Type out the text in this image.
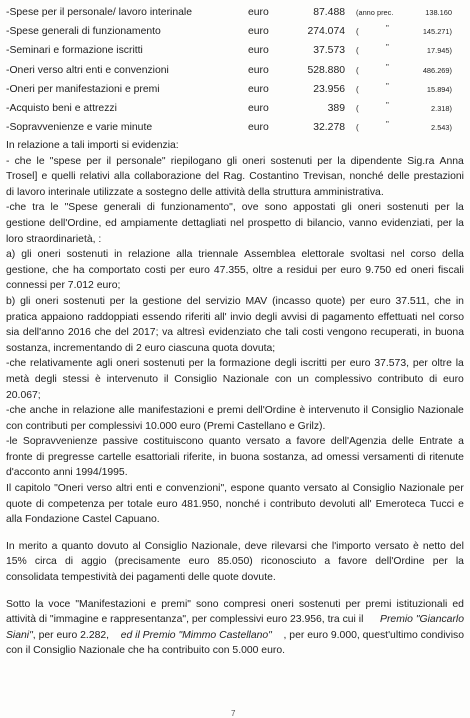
-Spese per il personale/ lavoro interinale	euro	87.488 (anno prec.	138.160
-Spese generali di funzionamento	euro	274.074 (	"	145.271)
-Seminari e formazione iscritti	euro	37.573 (	"	17.945)
-Oneri verso altri enti e convenzioni	euro	528.880 (	"	486.269)
-Oneri per manifestazioni e premi	euro	23.956 (	"	15.894)
-Acquisto beni e attrezzi	euro	389 (	"	2.318)
-Sopravvenienze e varie minute	euro	32.278 (	"	2.543)
In relazione a tali importi si evidenzia:
- che le "spese per il personale" riepilogano gli oneri sostenuti per la dipendente Sig.ra Anna
Trosel] e quelli relativi alla collaborazione del Rag. Costantino Trevisan, nonché delle prestazioni
di lavoro interinale utilizzate a sostegno delle attività della struttura amministrativa.
-che tra le "Spese generali di funzionamento", ove sono appostati gli oneri sostenuti per la
gestione dell'Ordine, ed ampiamente dettagliati nel prospetto di bilancio, vanno evidenziati, per la
loro straordinarietà, :
a) gli oneri sostenuti in relazione alla triennale Assemblea elettorale svoltasi nel corso della
gestione, che ha comportato costi per euro 47.355, oltre a residui per euro 9.750 ed oneri fiscali
connessi per 7.012 euro;
b) gli oneri sostenuti per la gestione del servizio MAV (incasso quote) per euro 37.511, che in
pratica appaiono raddoppiati essendo riferiti all' invio degli avvisi di pagamento effettuati nel corso
sia dell'anno 2016 che del 2017; va altresì evidenziato che tali costi vengono recuperati, in buona
sostanza, incrementando di 2 euro ciascuna quota dovuta;
-che relativamente agli oneri sostenuti per la formazione degli iscritti per euro 37.573, per oltre la
metà degli stessi è intervenuto il Consiglio Nazionale con un complessivo contributo di euro
20.067;
-che anche in relazione alle manifestazioni e premi dell'Ordine è intervenuto il Consiglio Nazionale
con contributi per complessivi 10.000 euro (Premi Castellano e Grilz).
-le Sopravvenienze passive costituiscono quanto versato a favore dell'Agenzia delle Entrate a
fronte di pregresse cartelle esattoriali riferite, in buona sostanza, ad omessi versamenti di ritenute
d'acconto anni 1994/1995.
Il capitolo "Oneri verso altri enti e convenzioni", espone quanto versato al Consiglio Nazionale per
quote di competenza per totale euro 481.950, nonché i contributo devoluti all' Emeroteca Tucci e
alla Fondazione Castel Capuano.
In merito a quanto dovuto al Consiglio Nazionale, deve rilevarsi che l'importo versato è netto del
15% circa di aggio (precisamente euro 85.050) riconosciuto a favore dell'Ordine per la
consolidata tempestività dei pagamenti delle quote dovute.
Sotto la voce "Manifestazioni e premi" sono compresi oneri sostenuti per premi istituzionali ed
attività di "immagine e rappresentanza", per complessivi euro 23.956, tra cui il Premio "Giancarlo
Siani", per euro 2.282, ed il Premio "Mimmo Castellano" , per euro 9.000, quest'ultimo condiviso
con il Consiglio Nazionale che ha contribuito con 5.000 euro.
7
